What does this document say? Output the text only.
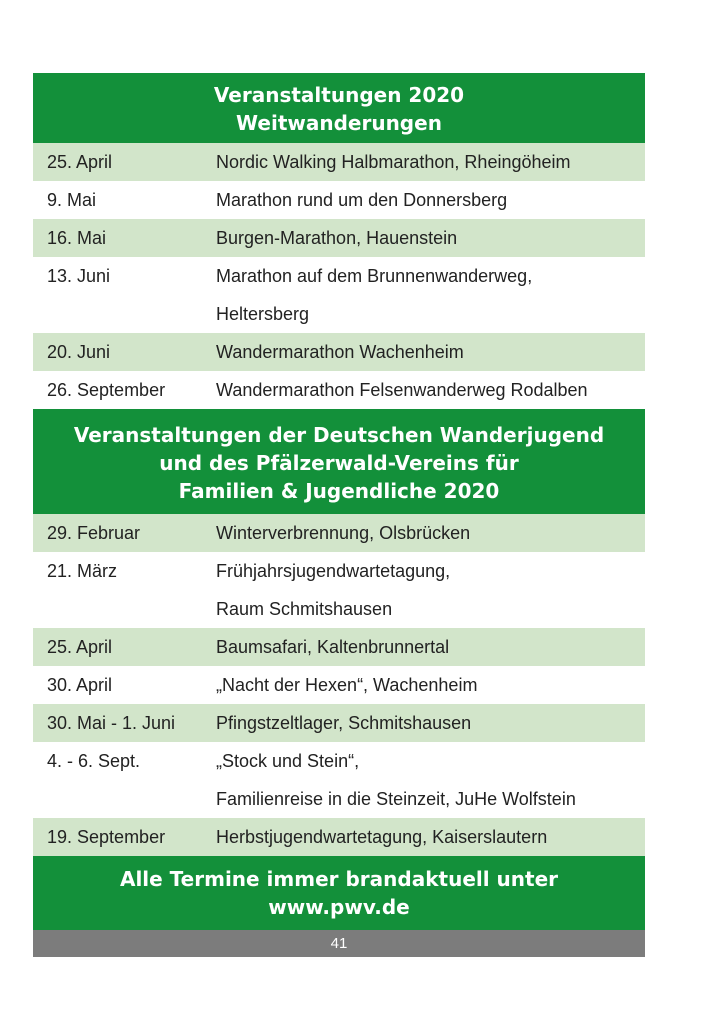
Veranstaltungen 2020
Weitwanderungen
25. April	Nordic Walking Halbmarathon, Rheingöheim
9. Mai	Marathon rund um den Donnersberg
16. Mai	Burgen-Marathon, Hauenstein
13. Juni	Marathon auf dem Brunnenwanderweg,
Heltersberg
20. Juni	Wandermarathon Wachenheim
26. September	Wandermarathon Felsenwanderweg Rodalben
Veranstaltungen der Deutschen Wanderjugend
und des Pfälzerwald-Vereins für
Familien & Jugendliche 2020
29. Februar	Winterverbrennung, Olsbrücken
21. März	Frühjahrsjugendwartetagung,
Raum Schmitshausen
25. April	Baumsafari, Kaltenbrunnertal
30. April	„Nacht der Hexen“, Wachenheim
30. Mai - 1. Juni	Pfingstzeltlager, Schmitshausen
4. - 6. Sept.	„Stock und Stein“,
Familienreise in die Steinzeit, JuHe Wolfstein
19. September	Herbstjugendwartetagung, Kaiserslautern
Alle Termine immer brandaktuell unter
www.pwv.de
41
